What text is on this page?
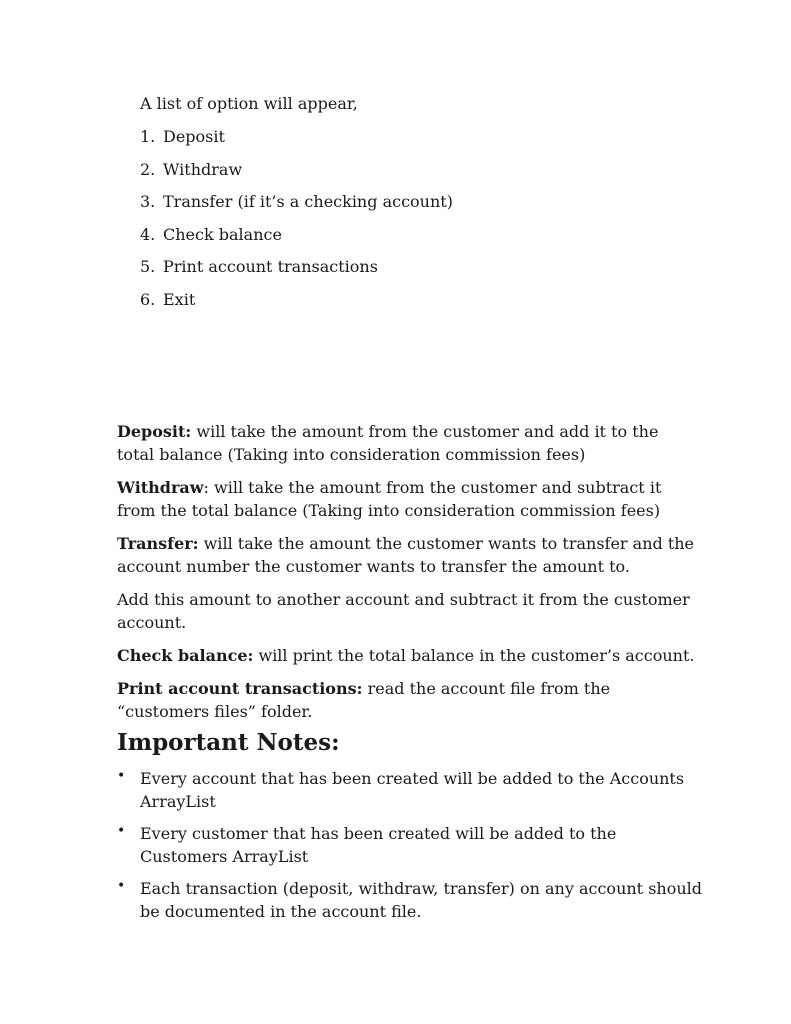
A list of option will appear,
1. Deposit
2. Withdraw
3. Transfer (if it’s a checking account)
4. Check balance
5. Print account transactions
6. Exit

Deposit: will take the amount from the customer and add it to the total balance (Taking into consideration commission fees)

Withdraw: will take the amount from the customer and subtract it from the total balance (Taking into consideration commission fees)

Transfer: will take the amount the customer wants to transfer and the account number the customer wants to transfer the amount to.

Add this amount to another account and subtract it from the customer account.

Check balance: will print the total balance in the customer’s account.

Print account transactions: read the account file from the “customers files” folder.

Important Notes:
• Every account that has been created will be added to the Accounts ArrayList
• Every customer that has been created will be added to the Customers ArrayList
• Each transaction (deposit, withdraw, transfer) on any account should be documented in the account file.
